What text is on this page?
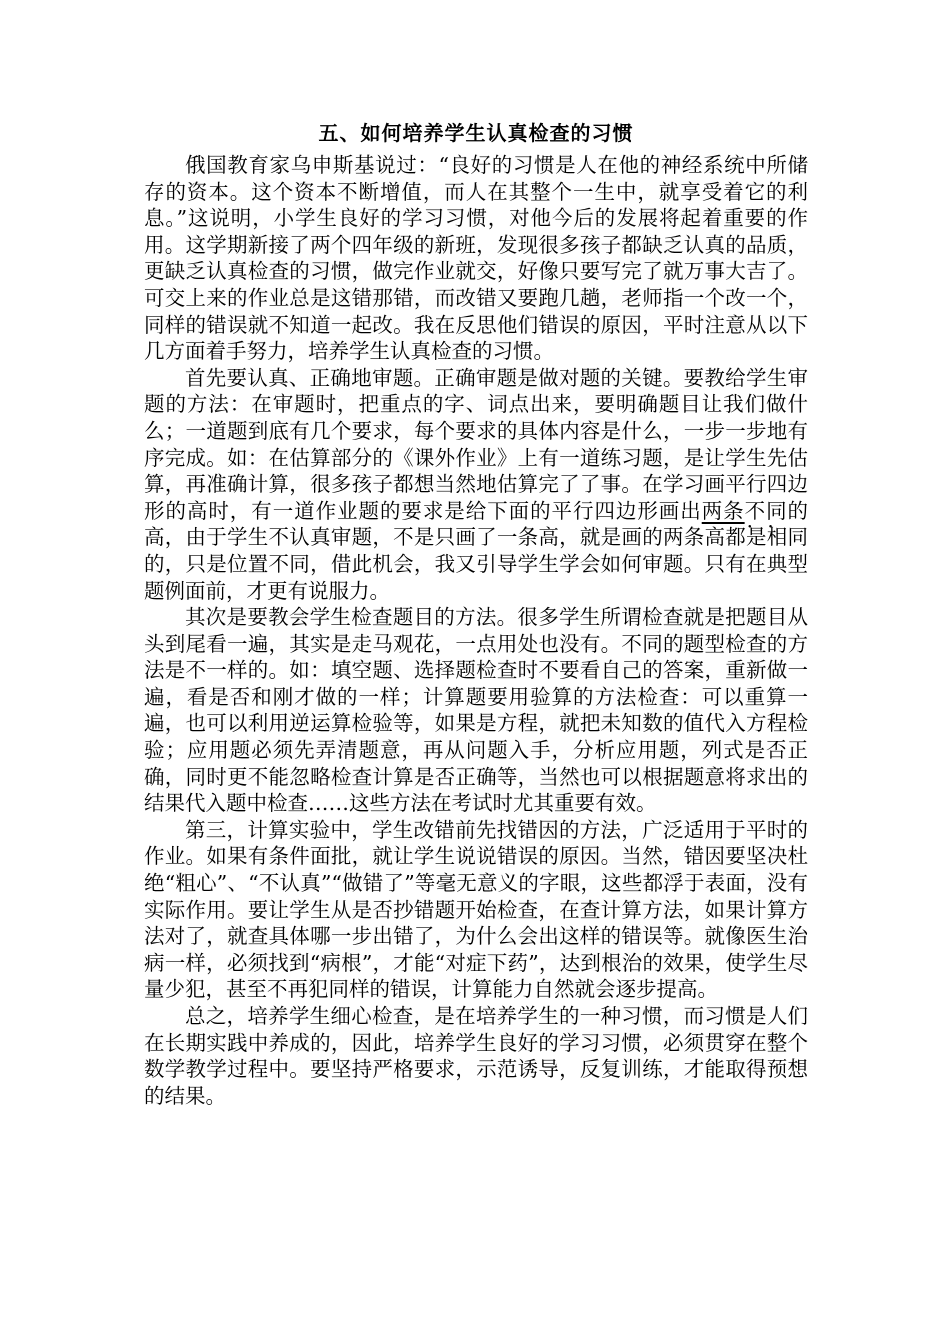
五、如何培养学生认真检查的习惯

俄国教育家乌申斯基说过：“良好的习惯是人在他的神经系统中所储存的资本。这个资本不断增值，而人在其整个一生中，就享受着它的利息。”这说明，小学生良好的学习习惯，对他今后的发展将起着重要的作用。这学期新接了两个四年级的新班，发现很多孩子都缺乏认真的品质，更缺乏认真检查的习惯，做完作业就交，好像只要写完了就万事大吉了。可交上来的作业总是这错那错，而改错又要跑几趟，老师指一个改一个，同样的错误就不知道一起改。我在反思他们错误的原因，平时注意从以下几方面着手努力，培养学生认真检查的习惯。

首先要认真、正确地审题。正确审题是做对题的关键。要教给学生审题的方法：在审题时，把重点的字、词点出来，要明确题目让我们做什么；一道题到底有几个要求，每个要求的具体内容是什么，一步一步地有序完成。如：在估算部分的《课外作业》上有一道练习题，是让学生先估算，再准确计算，很多孩子都想当然地估算完了了事。在学习画平行四边形的高时，有一道作业题的要求是给下面的平行四边形画出两条不同 · ·的高，由于学生不认真审题，不是只画了一条高，就是画的两条高都是相同的，只是位置不同，借此机会，我又引导学生学会如何审题。只有在典型题例面前，才更有说服力。

其次是要教会学生检查题目的方法。很多学生所谓检查就是把题目从头到尾看一遍，其实是走马观花，一点用处也没有。不同的题型检查的方法是不一样的。如：填空题、选择题检查时不要看自己的答案，重新做一遍，看是否和刚才做的一样；计算题要用验算的方法检查：可以重算一遍，也可以利用逆运算检验等，如果是方程，就把未知数的值代入方程检验；应用题必须先弄清题意，再从问题入手，分析应用题，列式是否正确，同时更不能忽略检查计算是否正确等，当然也可以根据题意将求出的结果代入题中检查……这些方法在考试时尤其重要有效。

第三，计算实验中，学生改错前先找错因的方法，广泛适用于平时的作业。如果有条件面批，就让学生说说错误的原因。当然，错因要坚决杜绝“粗心”、“不认真”“做错了”等毫无意义的字眼，这些都浮于表面，没有实际作用。要让学生从是否抄错题开始检查，在查计算方法，如果计算方法对了，就查具体哪一步出错了，为什么会出这样的错误等。就像医生治病一样，必须找到“病根”，才能“对症下药”，达到根治的效果，使学生尽量少犯，甚至不再犯同样的错误，计算能力自然就会逐步提高。

总之，培养学生细心检查，是在培养学生的一种习惯，而习惯是人们在长期实践中养成的，因此，培养学生良好的学习习惯，必须贯穿在整个数学教学过程中。要坚持严格要求，示范诱导，反复训练，才能取得预想的结果。
